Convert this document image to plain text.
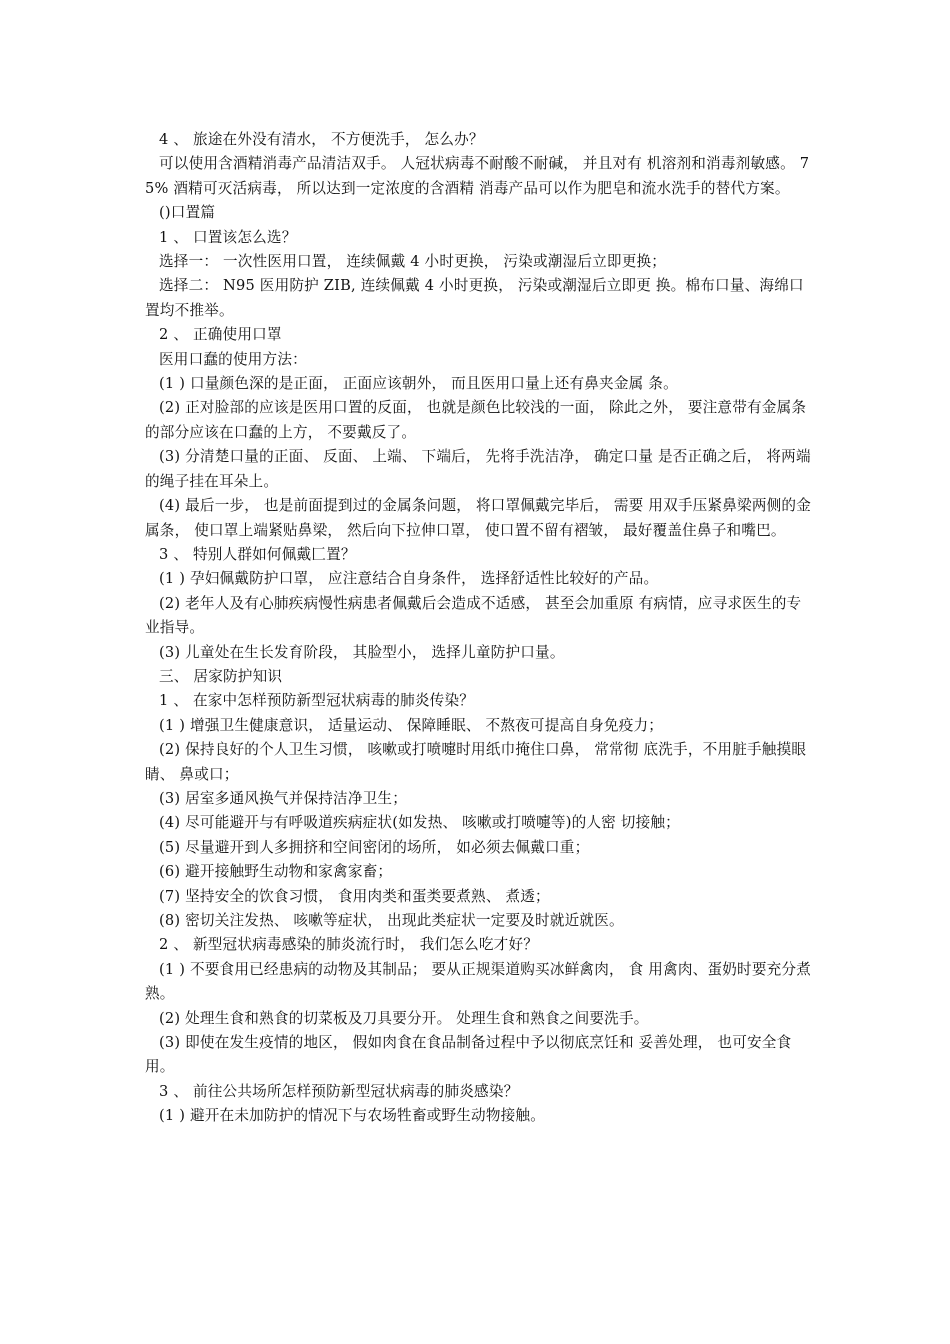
4 、 旅途在外没有清水， 不方便洗手， 怎么办？

可以使用含酒精消毒产品清洁双手。 人冠状病毒不耐酸不耐碱， 并且对有 机溶剂和消毒剂敏感。 75% 酒精可灭活病毒， 所以达到一定浓度的含酒精 消毒产品可以作为肥皂和流水洗手的替代方案。

()口置篇

1 、 口置该怎么选？

选择一： 一次性医用口置， 连续佩戴 4 小时更换， 污染或潮湿后立即更换；

选择二： N95 医用防护 ZIB, 连续佩戴 4 小时更换， 污染或潮湿后立即更 换。棉布口量、海绵口置均不推举。

2 、 正确使用口罩

医用口蠢的使用方法：

(1 ) 口量颜色深的是正面， 正面应该朝外， 而且医用口量上还有鼻夹金属 条。

(2) 正对脸部的应该是医用口置的反面， 也就是颜色比较浅的一面， 除此之外， 要注意带有金属条的部分应该在口蠢的上方， 不要戴反了。

(3) 分清楚口量的正面、 反面、 上端、 下端后， 先将手洗洁净， 确定口量 是否正确之后， 将两端的绳子挂在耳朵上。

(4) 最后一步， 也是前面提到过的金属条问题， 将口罩佩戴完毕后， 需要 用双手压紧鼻梁两侧的金属条， 使口罩上端紧贴鼻梁， 然后向下拉伸口罩， 使口置不留有褶皱， 最好覆盖住鼻子和嘴巴。

3 、 特别人群如何佩戴匚置？

(1 ) 孕妇佩戴防护口罩， 应注意结合自身条件， 选择舒适性比较好的产品。

(2) 老年人及有心肺疾病慢性病患者佩戴后会造成不适感， 甚至会加重原 有病情，应寻求医生的专业指导。

(3) 儿童处在生长发育阶段， 其脸型小， 选择儿童防护口量。

三、 居家防护知识

1 、 在家中怎样预防新型冠状病毒的肺炎传染？

(1 ) 增强卫生健康意识， 适量运动、 保障睡眠、 不熬夜可提高自身免疫力；

(2) 保持良好的个人卫生习惯， 咳嗽或打喷嚏时用纸巾掩住口鼻， 常常彻 底洗手，不用脏手触摸眼睛、 鼻或口；

(3) 居室多通风换气并保持洁净卫生；

(4) 尽可能避开与有呼吸道疾病症状(如发热、 咳嗽或打喷嚏等)的人密 切接触；

(5) 尽量避开到人多拥挤和空间密闭的场所， 如必须去佩戴口重；

(6) 避开接触野生动物和家禽家畜；

(7) 坚持安全的饮食习惯， 食用肉类和蛋类要煮熟、 煮透；

(8) 密切关注发热、 咳嗽等症状， 出现此类症状一定要及时就近就医。

2 、 新型冠状病毒感染的肺炎流行时， 我们怎么吃才好？

(1 ) 不要食用已经患病的动物及其制品； 要从正规渠道购买冰鲜禽肉， 食 用禽肉、蛋奶时要充分煮熟。

(2) 处理生食和熟食的切菜板及刀具要分开。 处理生食和熟食之间要洗手。

(3) 即使在发生疫情的地区， 假如肉食在食品制备过程中予以彻底烹饪和 妥善处理， 也可安全食用。

3 、 前往公共场所怎样预防新型冠状病毒的肺炎感染？

(1 ) 避开在未加防护的情况下与农场牲畜或野生动物接触。
